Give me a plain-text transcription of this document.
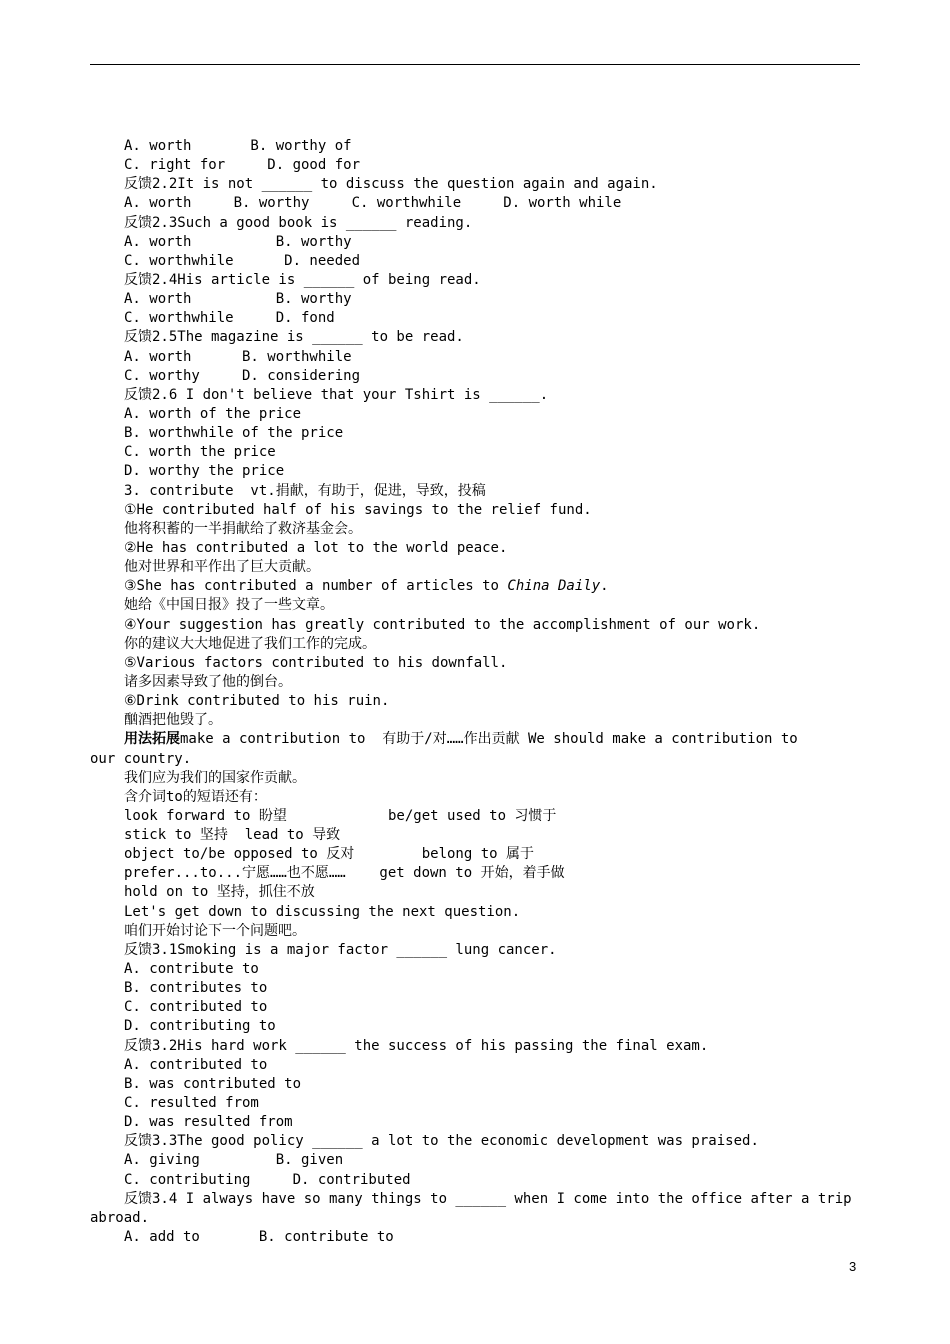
A. worth       B. worthy of
C. right for     D. good for
反馈2.2It is not ______ to discuss the question again and again.
A. worth     B. worthy     C. worthwhile     D. worth while
反馈2.3Such a good book is ______ reading.
A. worth          B. worthy
C. worthwhile      D. needed
反馈2.4His article is ______ of being read.
A. worth          B. worthy
C. worthwhile     D. fond
反馈2.5The magazine is ______ to be read.
A. worth      B. worthwhile
C. worthy     D. considering
反馈2.6 I don't believe that your Tshirt is ______.
A. worth of the price
B. worthwhile of the price
C. worth the price
D. worthy the price
3. contribute  vt.捐献，有助于，促进，导致，投稿
①He contributed half of his savings to the relief fund.
他将积蓄的一半捐献给了救济基金会。
②He has contributed a lot to the world peace.
他对世界和平作出了巨大贡献。
③She has contributed a number of articles to China Daily.
她给《中国日报》投了一些文章。
④Your suggestion has greatly contributed to the accomplishment of our work.
你的建议大大地促进了我们工作的完成。
⑤Various factors contributed to his downfall.
诸多因素导致了他的倒台。
⑥Drink contributed to his ruin.
酗酒把他毁了。
用法拓展make a contribution to  有助于/对……作出贡献 We should make a contribution to
our country.
我们应为我们的国家作贡献。
含介词to的短语还有：
look forward to 盼望            be/get used to 习惯于
stick to 坚持  lead to 导致
object to/be opposed to 反对        belong to 属于
prefer...to...宁愿……也不愿……    get down to 开始，着手做
hold on to 坚持，抓住不放
Let's get down to discussing the next question.
咱们开始讨论下一个问题吧。
反馈3.1Smoking is a major factor ______ lung cancer.
A. contribute to
B. contributes to
C. contributed to
D. contributing to
反馈3.2His hard work ______ the success of his passing the final exam.
A. contributed to
B. was contributed to
C. resulted from
D. was resulted from
反馈3.3The good policy ______ a lot to the economic development was praised.
A. giving         B. given
C. contributing     D. contributed
反馈3.4 I always have so many things to ______ when I come into the office after a trip
abroad.
A. add to       B. contribute to
3
